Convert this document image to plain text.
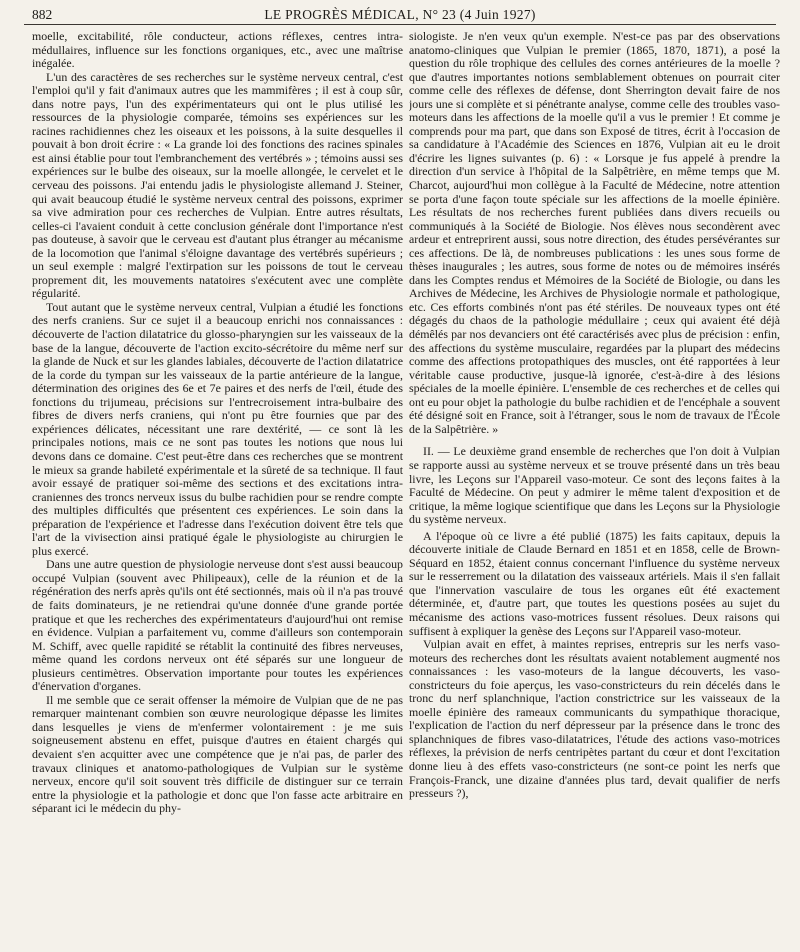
882	LE PROGRÈS MÉDICAL, N° 23 (4 Juin 1927)

moelle, excitabilité, rôle conducteur, actions réflexes, centres intra-médullaires, influence sur les fonctions organiques, etc., avec une maîtrise inégalée.

L'un des caractères de ses recherches sur le système nerveux central, c'est l'emploi qu'il y fait d'animaux autres que les mammifères ; il est à coup sûr, dans notre pays, l'un des expérimentateurs qui ont le plus utilisé les ressources de la physiologie comparée, témoins ses expériences sur les racines rachidiennes chez les oiseaux et les poissons, à la suite desquelles il pouvait à bon droit écrire : « La grande loi des fonctions des racines spinales est ainsi établie pour tout l'embranchement des vertébrés » ; témoins aussi ses expériences sur le bulbe des oiseaux, sur la moelle allongée, le cervelet et le cerveau des poissons. J'ai entendu jadis le physiologiste allemand J. Steiner, qui avait beaucoup étudié le système nerveux central des poissons, exprimer sa vive admiration pour ces recherches de Vulpian. Entre autres résultats, celles-ci l'avaient conduit à cette conclusion générale dont l'importance n'est pas douteuse, à savoir que le cerveau est d'autant plus étranger au mécanisme de la locomotion que l'animal s'éloigne davantage des vertébrés supérieurs ; un seul exemple : malgré l'extirpation sur les poissons de tout le cerveau proprement dit, les mouvements natatoires s'exécutent avec une complète régularité.

Tout autant que le système nerveux central, Vulpian a étudié les fonctions des nerfs craniens. Sur ce sujet il a beaucoup enrichi nos connaissances : découverte de l'action dilatatrice du glosso-pharyngien sur les vaisseaux de la base de la langue, découverte de l'action excito-sécrétoire du même nerf sur la glande de Nuck et sur les glandes labiales, découverte de l'action dilatatrice de la corde du tympan sur les vaisseaux de la partie antérieure de la langue, détermination des origines des 6e et 7e paires et des nerfs de l'œil, étude des fonctions du trijumeau, précisions sur l'entrecroisement intra-bulbaire des fibres de divers nerfs craniens, qui n'ont pu être fournies que par des expériences délicates, nécessitant une rare dextérité, — ce sont là les principales notions, mais ce ne sont pas toutes les notions que nous lui devons dans ce domaine. C'est peut-être dans ces recherches que se montrent le mieux sa grande habileté expérimentale et la sûreté de sa technique. Il faut avoir essayé de pratiquer soi-même des sections et des excitations intra-craniennes des troncs nerveux issus du bulbe rachidien pour se rendre compte des multiples difficultés que présentent ces expériences. Le soin dans la préparation de l'expérience et l'adresse dans l'exécution doivent être tels que l'art de la vivisection ainsi pratiqué égale le physiologiste au chirurgien le plus exercé.

Dans une autre question de physiologie nerveuse dont s'est aussi beaucoup occupé Vulpian (souvent avec Philipeaux), celle de la réunion et de la régénération des nerfs après qu'ils ont été sectionnés, mais où il n'a pas trouvé de faits dominateurs, je ne retiendrai qu'une donnée d'une grande portée pratique et que les recherches des expérimentateurs d'aujourd'hui ont remise en évidence. Vulpian a parfaitement vu, comme d'ailleurs son contemporain M. Schiff, avec quelle rapidité se rétablit la continuité des fibres nerveuses, même quand les cordons nerveux ont été séparés sur une longueur de plusieurs centimètres. Observation importante pour toutes les expériences d'énervation d'organes.

Il me semble que ce serait offenser la mémoire de Vulpian que de ne pas remarquer maintenant combien son œuvre neurologique dépasse les limites dans lesquelles je viens de m'enfermer volontairement : je me suis soigneusement abstenu en effet, puisque d'autres en étaient chargés qui devaient s'en acquitter avec une compétence que je n'ai pas, de parler des travaux cliniques et anatomo-pathologiques de Vulpian sur le système nerveux, encore qu'il soit souvent très difficile de distinguer sur ce terrain entre la physiologie et la pathologie et donc que l'on fasse acte arbitraire en séparant ici le médecin du phy-

siologiste. Je n'en veux qu'un exemple. N'est-ce pas par des observations anatomo-cliniques que Vulpian le premier (1865, 1870, 1871), a posé la question du rôle trophique des cellules des cornes antérieures de la moelle ? que d'autres importantes notions semblablement obtenues on pourrait citer comme celle des réflexes de défense, dont Sherrington devait faire de nos jours une si complète et si pénétrante analyse, comme celle des troubles vaso-moteurs dans les affections de la moelle qu'il a vus le premier ! Et comme je comprends pour ma part, que dans son Exposé de titres, écrit à l'occasion de sa candidature à l'Académie des Sciences en 1876, Vulpian ait eu le droit d'écrire les lignes suivantes (p. 6) : « Lorsque je fus appelé à prendre la direction d'un service à l'hôpital de la Salpêtrière, en même temps que M. Charcot, aujourd'hui mon collègue à la Faculté de Médecine, notre attention se porta d'une façon toute spéciale sur les affections de la moelle épinière. Les résultats de nos recherches furent publiées dans divers recueils ou communiqués à la Société de Biologie. Nos élèves nous secondèrent avec ardeur et entreprirent aussi, sous notre direction, des études persévérantes sur ces affections. De là, de nombreuses publications : les unes sous forme de thèses inaugurales ; les autres, sous forme de notes ou de mémoires insérés dans les Comptes rendus et Mémoires de la Société de Biologie, ou dans les Archives de Médecine, les Archives de Physiologie normale et pathologique, etc. Ces efforts combinés n'ont pas été stériles. De nouveaux types ont été dégagés du chaos de la pathologie médullaire ; ceux qui avaient été déjà démêlés par nos devanciers ont été caractérisés avec plus de précision : enfin, des affections du système musculaire, regardées par la plupart des médecins comme des affections protopathiques des muscles, ont été rapportées à leur véritable cause productive, jusque-là ignorée, c'est-à-dire à des lésions spéciales de la moelle épinière. L'ensemble de ces recherches et de celles qui ont eu pour objet la pathologie du bulbe rachidien et de l'encéphale a souvent été désigné soit en France, soit à l'étranger, sous le nom de travaux de l'École de la Salpêtrière. »

II. — Le deuxième grand ensemble de recherches que l'on doit à Vulpian se rapporte aussi au système nerveux et se trouve présenté dans un très beau livre, les Leçons sur l'Appareil vaso-moteur. Ce sont des leçons faites à la Faculté de Médecine. On peut y admirer le même talent d'exposition et de critique, la même logique scientifique que dans les Leçons sur la Physiologie du système nerveux.

A l'époque où ce livre a été publié (1875) les faits capitaux, depuis la découverte initiale de Claude Bernard en 1851 et en 1858, celle de Brown-Séquard en 1852, étaient connus concernant l'influence du système nerveux sur le resserrement ou la dilatation des vaisseaux artériels. Mais il s'en fallait que l'innervation vasculaire de tous les organes eût été exactement déterminée, et, d'autre part, que toutes les questions posées au sujet du mécanisme des actions vaso-motrices fussent résolues. Deux raisons qui suffisent à expliquer la genèse des Leçons sur l'Appareil vaso-moteur.

Vulpian avait en effet, à maintes reprises, entrepris sur les nerfs vaso-moteurs des recherches dont les résultats avaient notablement augmenté nos connaissances : les vaso-moteurs de la langue découverts, les vaso-constricteurs du foie aperçus, les vaso-constricteurs du rein décelés dans le tronc du nerf splanchnique, l'action constrictrice sur les vaisseaux de la moelle épinière des rameaux communicants du sympathique thoracique, l'explication de l'action du nerf dépresseur par la présence dans le tronc des splanchniques de fibres vaso-dilatatrices, l'étude des actions vaso-motrices réflexes, la prévision de nerfs centripètes partant du cœur et dont l'excitation donne lieu à des effets vaso-constricteurs (ne sont-ce point les nerfs que François-Franck, une dizaine d'années plus tard, devait qualifier de nerfs presseurs ?),
